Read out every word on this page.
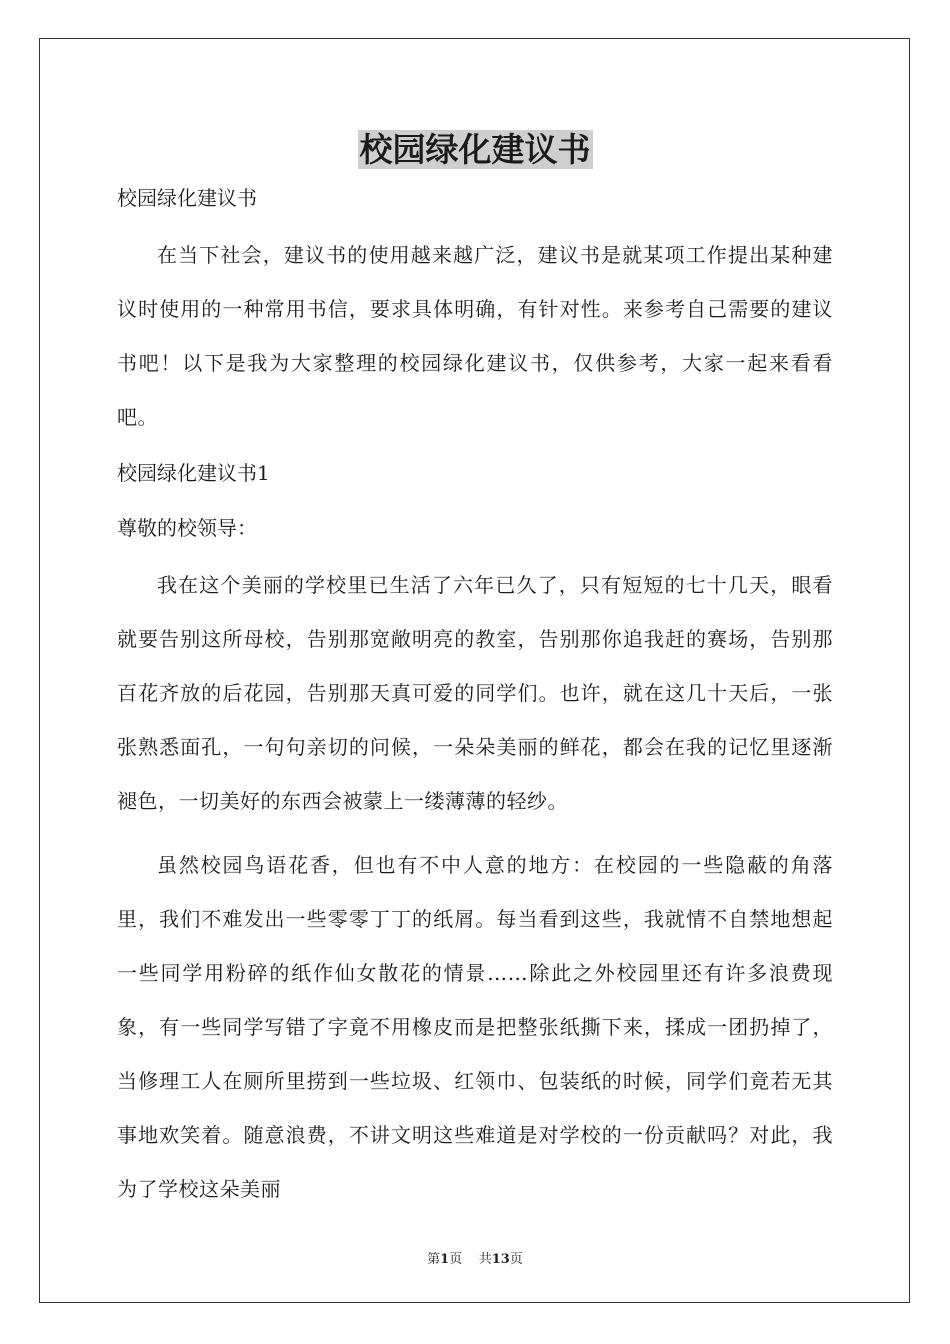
校园绿化建议书

校园绿化建议书

在当下社会，建议书的使用越来越广泛，建议书是就某项工作提出某种建议时使用的一种常用书信，要求具体明确，有针对性。来参考自己需要的建议书吧！以下是我为大家整理的校园绿化建议书，仅供参考，大家一起来看看吧。

校园绿化建议书1

尊敬的校领导：

我在这个美丽的学校里已生活了六年已久了，只有短短的七十几天，眼看就要告别这所母校，告别那宽敞明亮的教室，告别那你追我赶的赛场，告别那百花齐放的后花园，告别那天真可爱的同学们。也许，就在这几十天后，一张张熟悉面孔，一句句亲切的问候，一朵朵美丽的鲜花，都会在我的记忆里逐渐褪色，一切美好的东西会被蒙上一缕薄薄的轻纱。

虽然校园鸟语花香，但也有不中人意的地方：在校园的一些隐蔽的角落里，我们不难发出一些零零丁丁的纸屑。每当看到这些，我就情不自禁地想起一些同学用粉碎的纸作仙女散花的情景……除此之外校园里还有许多浪费现象，有一些同学写错了字竟不用橡皮而是把整张纸撕下来，揉成一团扔掉了，当修理工人在厕所里捞到一些垃圾、红领巾、包装纸的时候，同学们竟若无其事地欢笑着。随意浪费，不讲文明这些难道是对学校的一份贡献吗？对此，我为了学校这朵美丽

第1页 共13页
